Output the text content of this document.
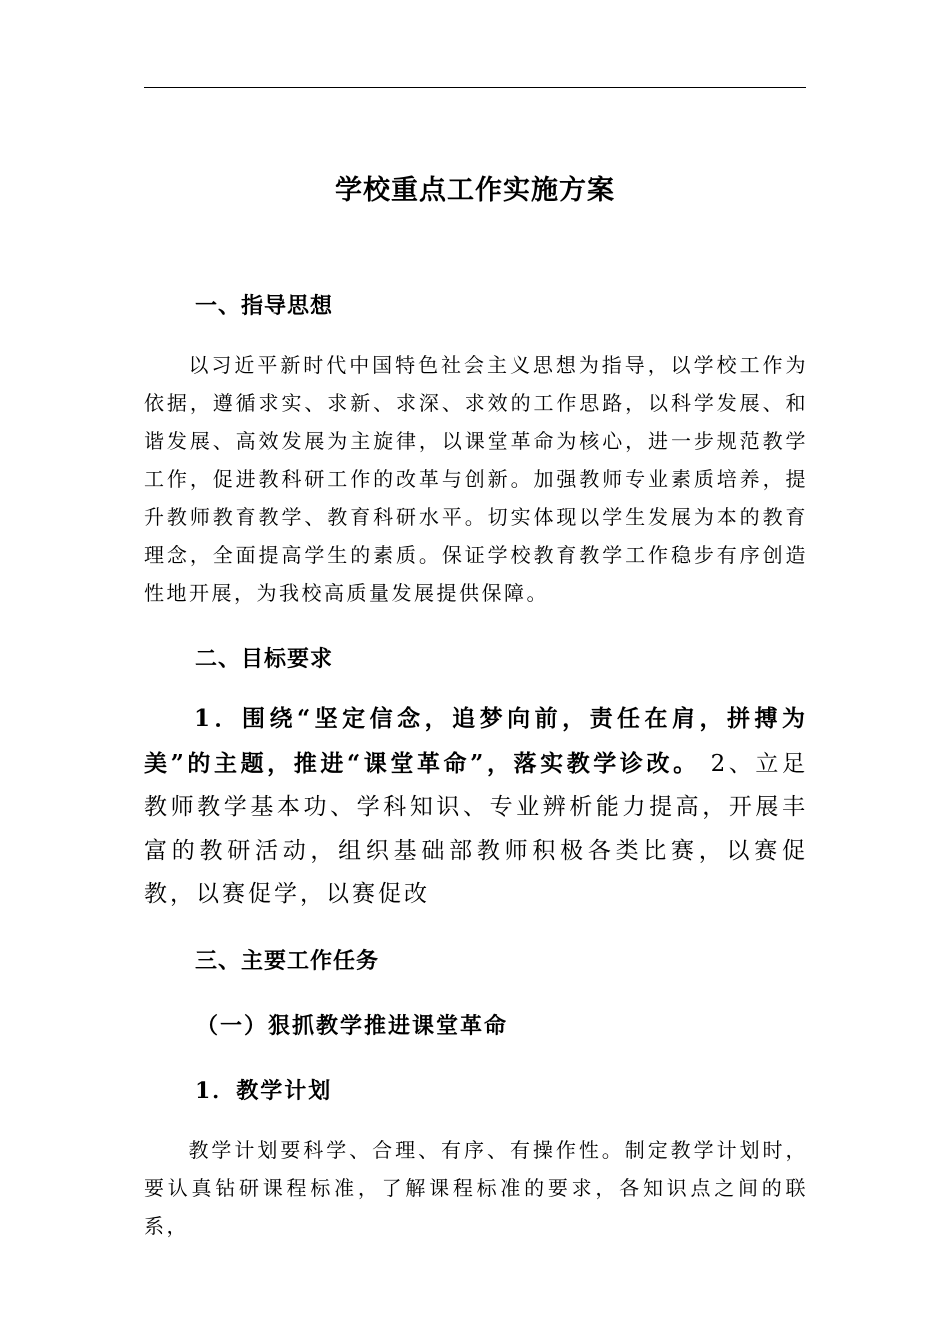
学校重点工作实施方案
一、指导思想

以习近平新时代中国特色社会主义思想为指导，以学校工作为依据，遵循求实、求新、求深、求效的工作思路，以科学发展、和谐发展、高效发展为主旋律，以课堂革命为核心，进一步规范教学工作，促进教科研工作的改革与创新。加强教师专业素质培养，提升教师教育教学、教育科研水平。切实体现以学生发展为本的教育理念，全面提高学生的素质。保证学校教育教学工作稳步有序创造性地开展，为我校高质量发展提供保障。

二、目标要求

1．围绕“坚定信念，追梦向前，责任在肩，拼搏为美”的主题，推进“课堂革命”，落实教学诊改。 2、立足教师教学基本功、学科知识、专业辨析能力提高，开展丰富的教研活动，组织基础部教师积极各类比赛，以赛促教，以赛促学，以赛促改

三、主要工作任务
（一）狠抓教学推进课堂革命
1．教学计划

教学计划要科学、合理、有序、有操作性。制定教学计划时，要认真钻研课程标准，了解课程标准的要求，各知识点之间的联系，
